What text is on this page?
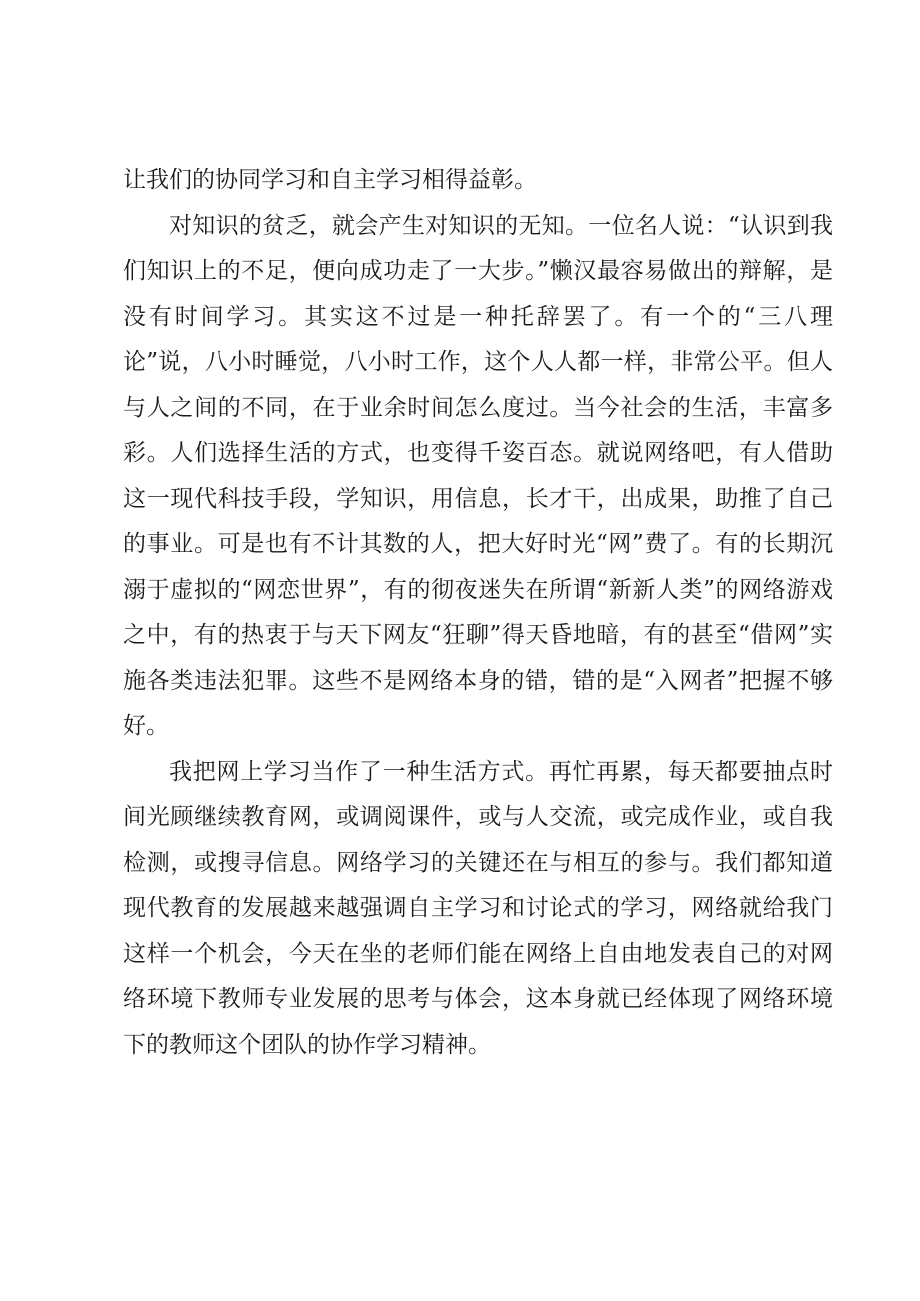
让我们的协同学习和自主学习相得益彰。

对知识的贫乏，就会产生对知识的无知。一位名人说：“认识到我们知识上的不足，便向成功走了一大步。”懒汉最容易做出的辩解，是没有时间学习。其实这不过是一种托辞罢了。有一个的“三八理论”说，八小时睡觉，八小时工作，这个人人都一样，非常公平。但人与人之间的不同，在于业余时间怎么度过。当今社会的生活，丰富多彩。人们选择生活的方式，也变得千姿百态。就说网络吧，有人借助这一现代科技手段，学知识，用信息，长才干，出成果，助推了自己的事业。可是也有不计其数的人，把大好时光“网”费了。有的长期沉溺于虚拟的“网恋世界”，有的彻夜迷失在所谓“新新人类”的网络游戏之中，有的热衷于与天下网友“狂聊”得天昏地暗，有的甚至“借网”实施各类违法犯罪。这些不是网络本身的错，错的是“入网者”把握不够好。

我把网上学习当作了一种生活方式。再忙再累，每天都要抽点时间光顾继续教育网，或调阅课件，或与人交流，或完成作业，或自我检测，或搜寻信息。网络学习的关键还在与相互的参与。我们都知道现代教育的发展越来越强调自主学习和讨论式的学习，网络就给我门这样一个机会，今天在坐的老师们能在网络上自由地发表自己的对网络环境下教师专业发展的思考与体会，这本身就已经体现了网络环境下的教师这个团队的协作学习精神。
